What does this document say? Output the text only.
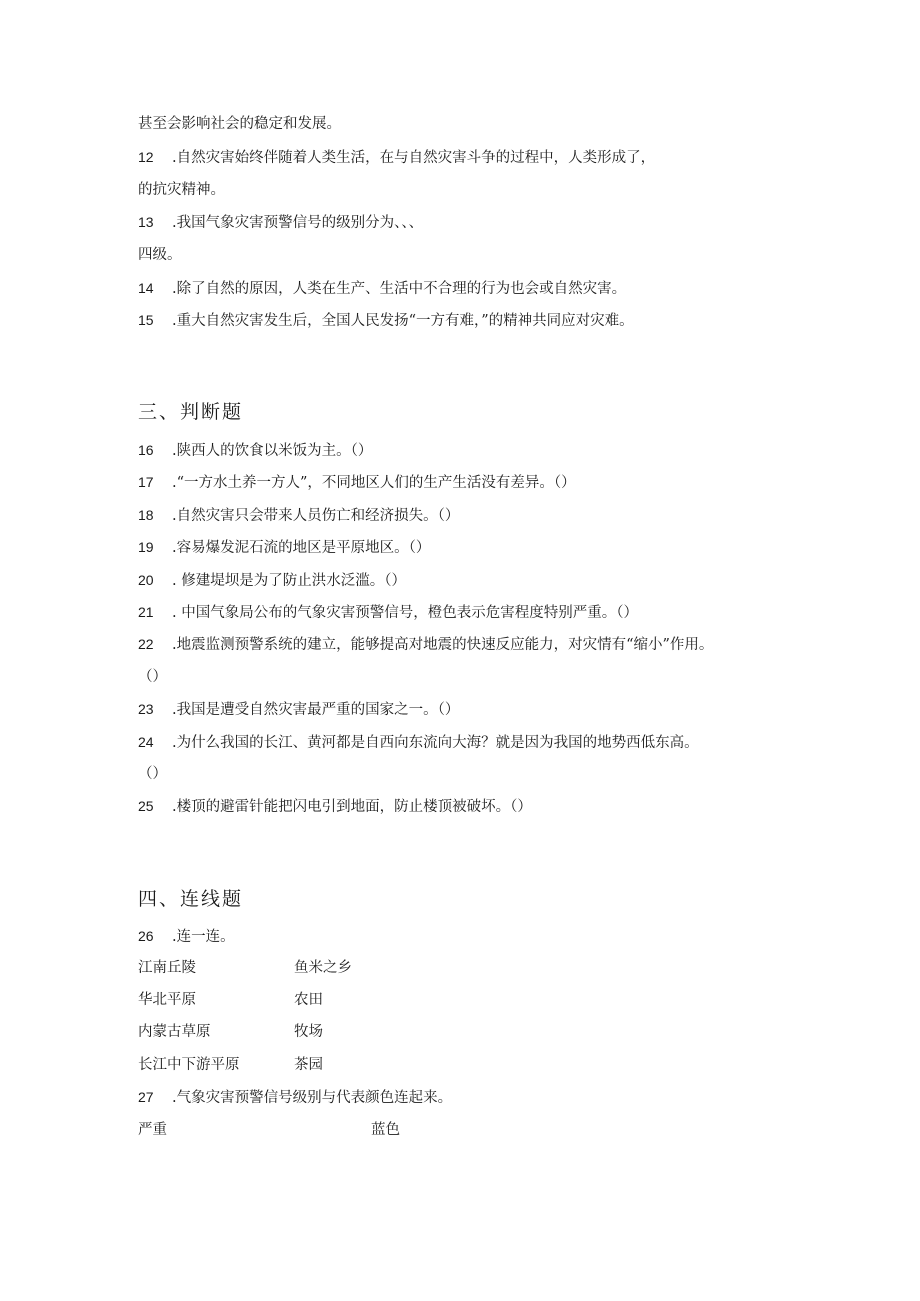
甚至会影响社会的稳定和发展。
12 .自然灾害始终伴随着人类生活，在与自然灾害斗争的过程中，人类形成了，
的抗灾精神。
13 .我国气象灾害预警信号的级别分为、、、
四级。
14 .除了自然的原因，人类在生产、生活中不合理的行为也会或自然灾害。
15 .重大自然灾害发生后，全国人民发扬“一方有难，”的精神共同应对灾难。
三、判断题
16 .陕西人的饮食以米饭为主。（）
17 .“一方水土养一方人”，不同地区人们的生产生活没有差异。（）
18 .自然灾害只会带来人员伤亡和经济损失。（）
19 .容易爆发泥石流的地区是平原地区。（）
20 . 修建堤坝是为了防止洪水泛滥。（）
21 . 中国气象局公布的气象灾害预警信号，橙色表示危害程度特别严重。（）
22 .地震监测预警系统的建立，能够提高对地震的快速反应能力，对灾情有“缩小”作用。
（）
23 .我国是遭受自然灾害最严重的国家之一。（）
24 .为什么我国的长江、黄河都是自西向东流向大海？就是因为我国的地势西低东高。
（）
25 .楼顶的避雷针能把闪电引到地面，防止楼顶被破坏。（）
四、连线题
26 .连一连。
江南丘陵	鱼米之乡
华北平原	农田
内蒙古草原	牧场
长江中下游平原	茶园
27 .气象灾害预警信号级别与代表颜色连起来。
严重	蓝色
